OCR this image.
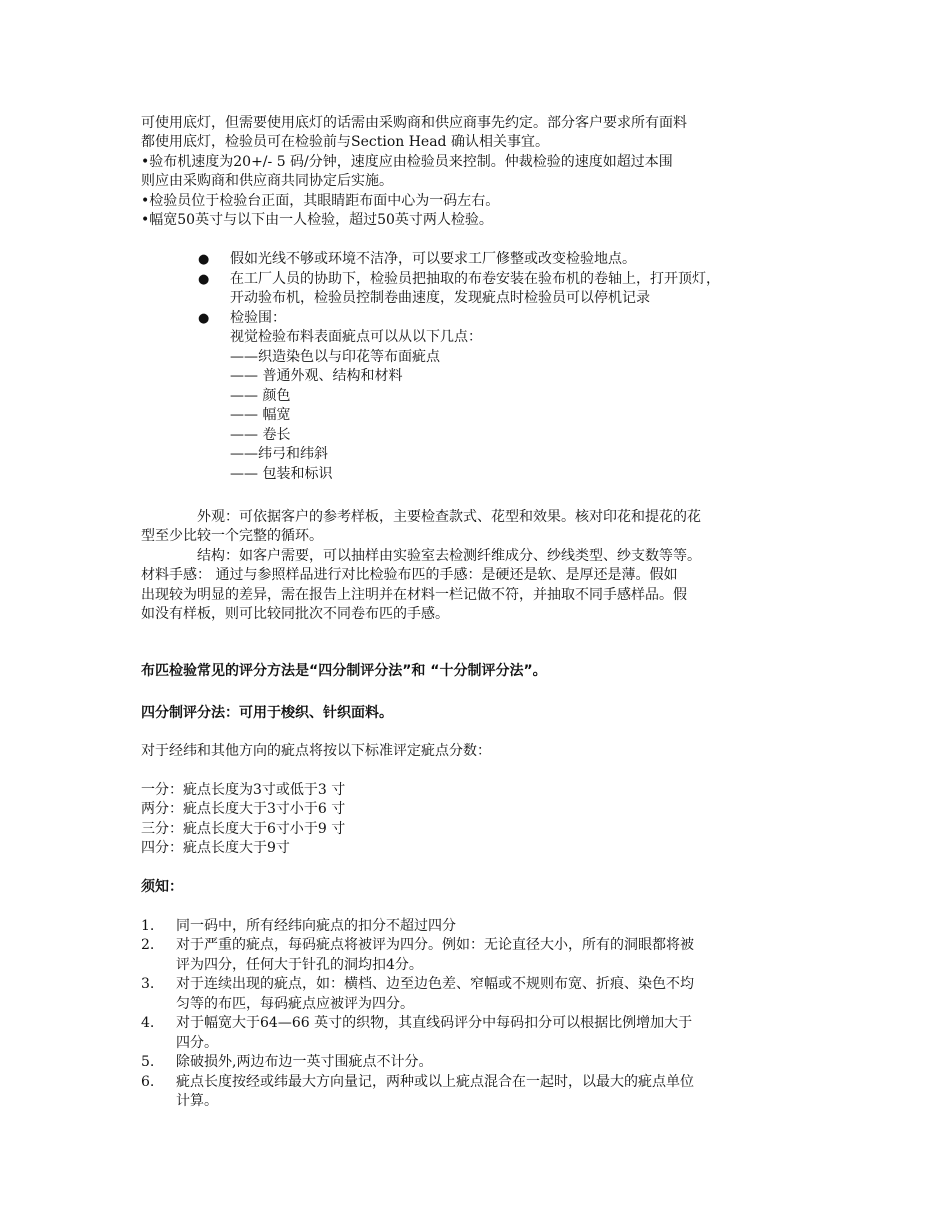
可使用底灯，但需要使用底灯的话需由采购商和供应商事先约定。部分客户要求所有面料
都使用底灯，检验员可在检验前与Section Head 确认相关事宜。
•验布机速度为20+/- 5 码/分钟，速度应由检验员来控制。仲裁检验的速度如超过本围
则应由采购商和供应商共同协定后实施。
•检验员位于检验台正面，其眼睛距布面中心为一码左右。
•幅宽50英寸与以下由一人检验，超过50英寸两人检验。
● 假如光线不够或环境不洁净，可以要求工厂修整或改变检验地点。
● 在工厂人员的协助下，检验员把抽取的布卷安装在验布机的卷轴上，打开顶灯，
开动验布机，检验员控制卷曲速度，发现疵点时检验员可以停机记录
● 检验围：
视觉检验布料表面疵点可以从以下几点：
——织造染色以与印花等布面疵点
—— 普通外观、结构和材料
—— 颜色
—— 幅宽
—— 卷长
——纬弓和纬斜
—— 包装和标识
外观：可依据客户的参考样板，主要检查款式、花型和效果。核对印花和提花的花
型至少比较一个完整的循环。
结构：如客户需要，可以抽样由实验室去检测纤维成分、纱线类型、纱支数等等。
材料手感： 通过与参照样品进行对比检验布匹的手感：是硬还是软、是厚还是薄。假如
出现较为明显的差异，需在报告上注明并在材料一栏记做不符，并抽取不同手感样品。假
如没有样板，则可比较同批次不同卷布匹的手感。
布匹检验常见的评分方法是“四分制评分法”和 “十分制评分法”。
四分制评分法：可用于梭织、针织面料。
对于经纬和其他方向的疵点将按以下标准评定疵点分数：
一分：疵点长度为3寸或低于3 寸
两分：疵点长度大于3寸小于6 寸
三分：疵点长度大于6寸小于9 寸
四分：疵点长度大于9寸
须知：
1. 同一码中，所有经纬向疵点的扣分不超过四分
2. 对于严重的疵点，每码疵点将被评为四分。例如：无论直径大小，所有的洞眼都将被
评为四分，任何大于针孔的洞均扣4分。
3. 对于连续出现的疵点，如：横档、边至边色差、窄幅或不规则布宽、折痕、染色不均
匀等的布匹，每码疵点应被评为四分。
4. 对于幅宽大于64—66 英寸的织物，其直线码评分中每码扣分可以根据比例增加大于
四分。
5. 除破损外,两边布边一英寸围疵点不计分。
6. 疵点长度按经或纬最大方向量记，两种或以上疵点混合在一起时，以最大的疵点单位
计算。
